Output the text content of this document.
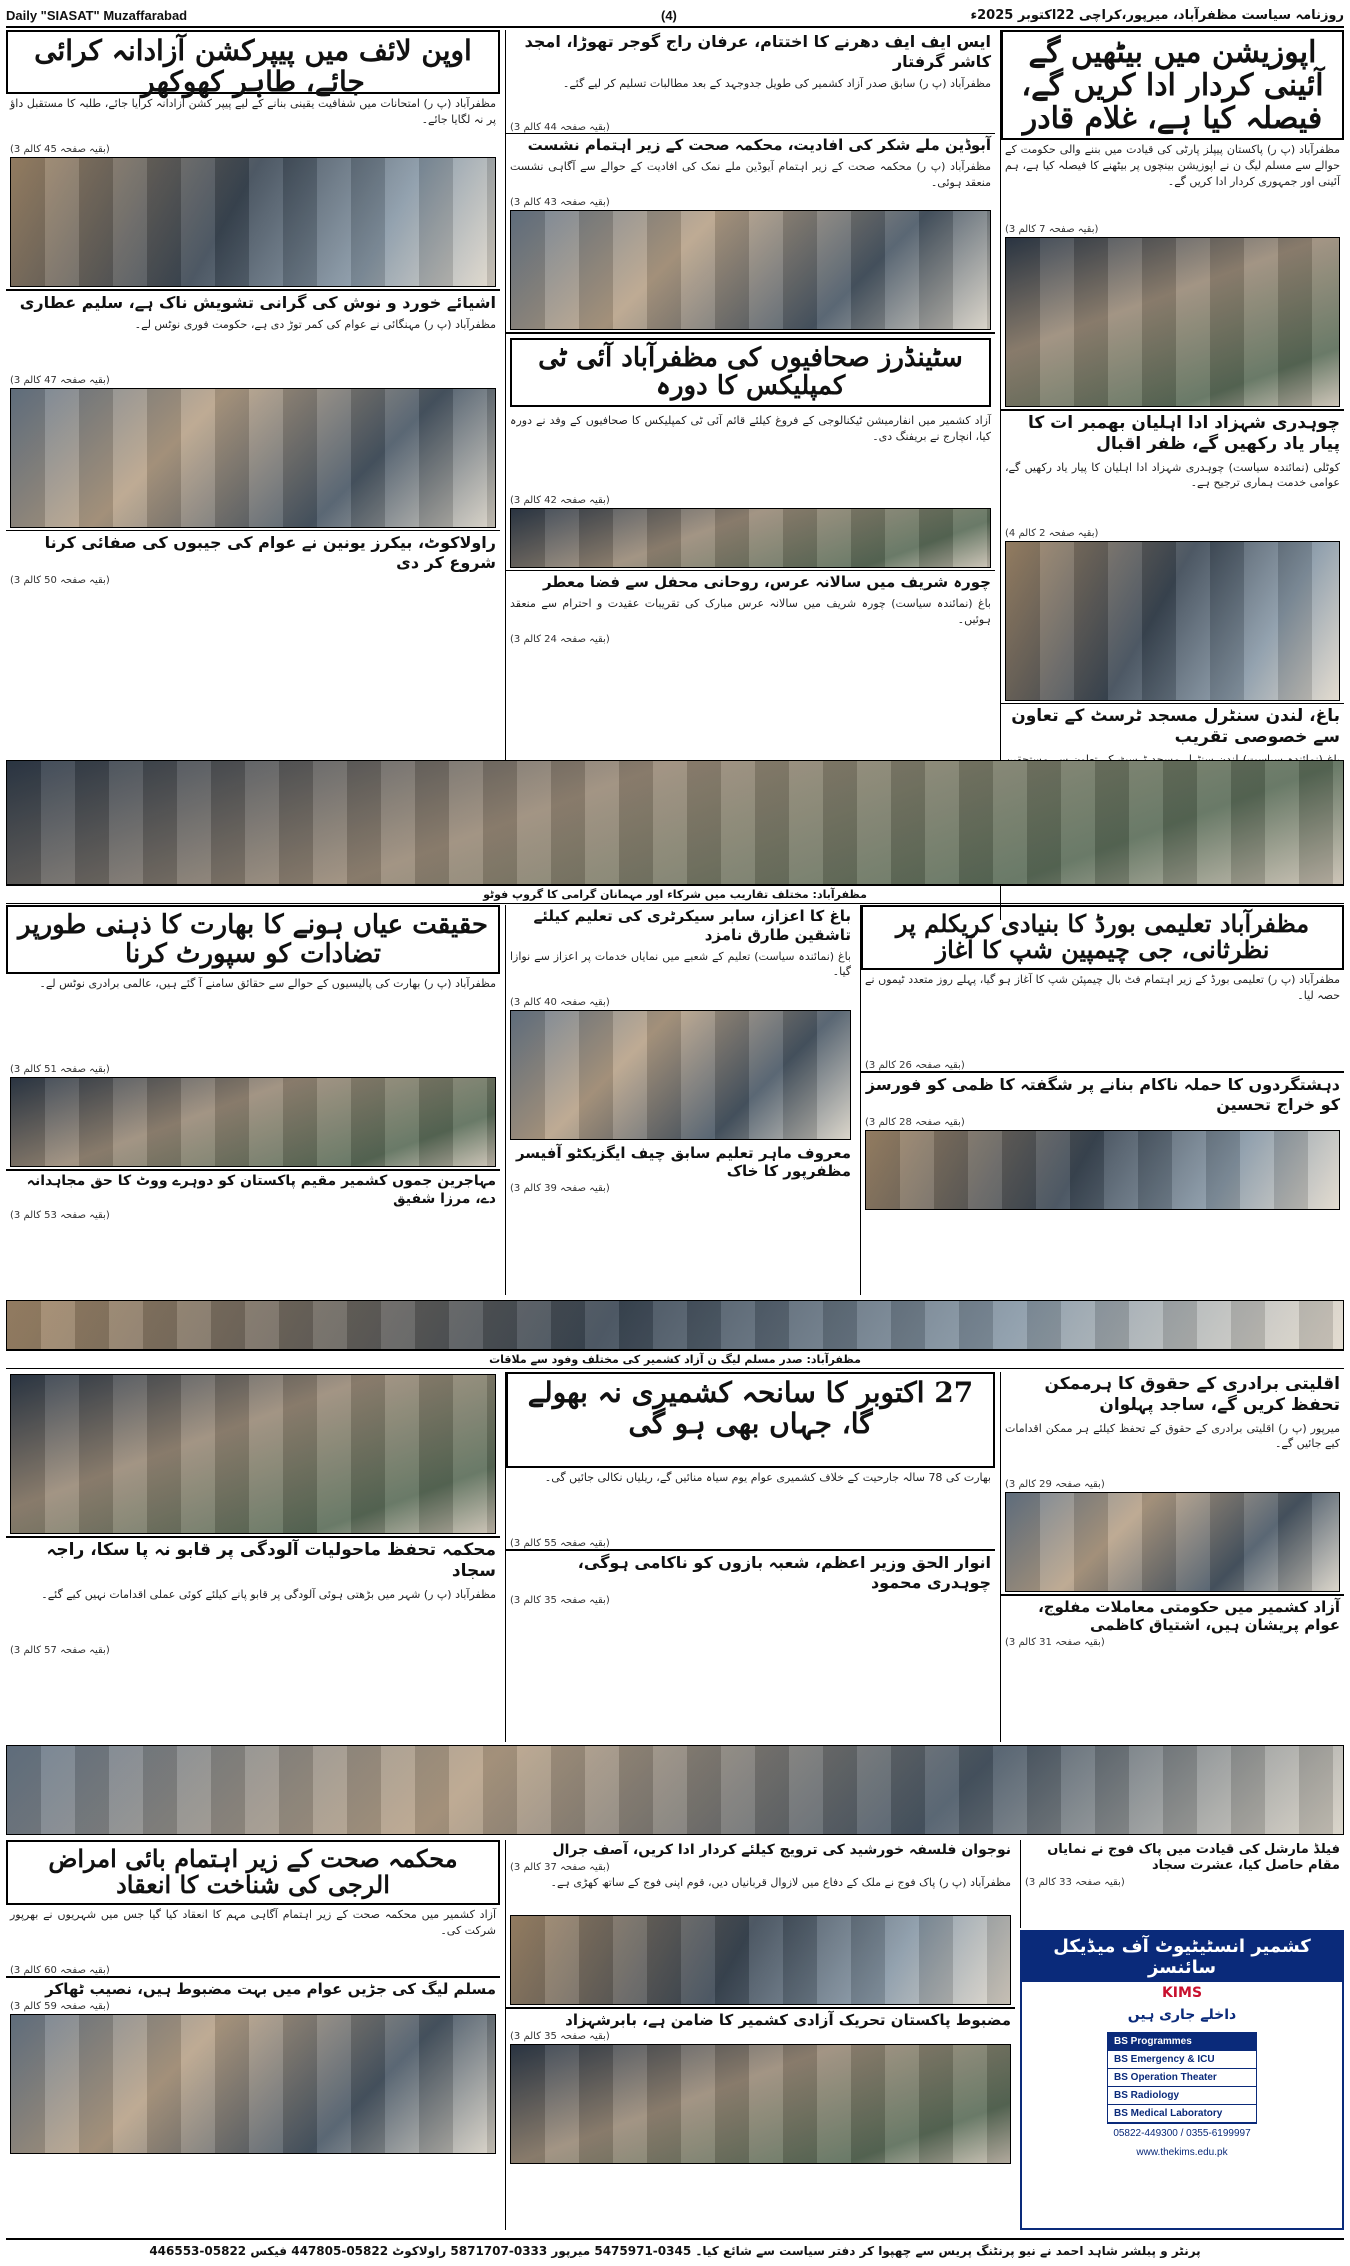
Daily "SIASAT" Muzaffarabad	(4)	روزنامہ سیاست مظفرآباد، میرپور،کراچی 22اکتوبر 2025ء
اپوزیشن میں بیٹھیں گے آئینی کردار ادا کریں گے، فیصلہ کیا ہے، غلام قادر
مظفرآباد (پ ر) پاکستان پیپلز پارٹی کی قیادت میں بننے والی حکومت کے حوالے سے مسلم لیگ ن نے اپوزیشن بینچوں پر بیٹھنے کا فیصلہ کیا ہے، ہم آئینی اور جمہوری کردار ادا کریں گے۔
(بقیہ صفحہ 7 کالم 3)
چوہدری شہزاد ادا اہلیان بھمبر ات کا پیار یاد رکھیں گے، ظفر اقبال
کوٹلی (نمائندہ سیاست) چوہدری شہزاد ادا اہلیان کا پیار یاد رکھیں گے، عوامی خدمت ہماری ترجیح ہے۔
(بقیہ صفحہ 2 کالم 4)
باغ، لندن سنٹرل مسجد ٹرسٹ کے تعاون سے خصوصی تقریب
ایس ایف ایف دھرنے کا اختتام، عرفان راج گوجر تھوڑا، امجد کاشر گرفتار
مظفرآباد (پ ر) سابق صدر آزاد کشمیر کی طویل جدوجہد کے بعد مطالبات تسلیم کر لیے گئے۔
(بقیہ صفحہ 44 کالم 3)
آبوڈین ملے شکر کی افادیت، محکمہ صحت کے زیر اہتمام نشست
مظفرآباد (پ ر) محکمہ صحت کے زیر اہتمام آیوڈین ملے نمک کی افادیت کے حوالے سے آگاہی نشست منعقد ہوئی۔
(بقیہ صفحہ 43 کالم 3)
سٹینڈرز صحافیوں کی مظفرآباد آئی ٹی کمپلیکس کا دورہ
آزاد کشمیر میں انفارمیشن ٹیکنالوجی کے فروغ کیلئے قائم آئی ٹی کمپلیکس کا صحافیوں کے وفد نے دورہ کیا، انچارج نے بریفنگ دی۔
(بقیہ صفحہ 42 کالم 3)
چورہ شریف میں سالانہ عرس، روحانی محفل سے فضا معطر
باغ (نمائندہ سیاست) چورہ شریف میں سالانہ عرس مبارک کی تقریبات عقیدت و احترام سے منعقد ہوئیں۔
(بقیہ صفحہ 24 کالم 3)
اوپن لائف میں پیپرکشن آزادانہ کرائی جائے، طاہر کھوکھر
مظفرآباد (پ ر) امتحانات میں شفافیت یقینی بنانے کے لیے پیپر کشن آزادانہ کرایا جائے، طلبہ کا مستقبل داؤ پر نہ لگایا جائے۔
(بقیہ صفحہ 45 کالم 3)
اشیائے خورد و نوش کی گرانی تشویش ناک ہے، سلیم عطاری
مظفرآباد (پ ر) مہنگائی نے عوام کی کمر توڑ دی ہے، حکومت فوری نوٹس لے۔
(بقیہ صفحہ 47 کالم 3)
راولاکوٹ، بیکرز یونین نے عوام کی جیبوں کی صفائی کرنا شروع کر دی
(بقیہ صفحہ 50 کالم 3)
مظفرآباد: مختلف تقاریب میں شرکاء اور مہمانان گرامی کا گروپ فوٹو
مظفرآباد تعلیمی بورڈ کا بنیادی کریکلم پر نظرثانی، جی چیمپین شپ کا آغاز
مظفرآباد (پ ر) تعلیمی بورڈ کے زیر اہتمام فٹ بال چیمپئن شپ کا آغاز ہو گیا، پہلے روز متعدد ٹیموں نے حصہ لیا۔
(بقیہ صفحہ 26 کالم 3)
دہشتگردوں کا حملہ ناکام بنانے پر شگفتہ کا ظمی کو فورسز کو خراج تحسین
(بقیہ صفحہ 28 کالم 3)
باغ کا اعزاز، سابر سیکرٹری کی تعلیم کیلئے تاشقین طارق نامزد
باغ (نمائندہ سیاست) تعلیم کے شعبے میں نمایاں خدمات پر اعزاز سے نوازا گیا۔
(بقیہ صفحہ 40 کالم 3)
معروف ماہر تعلیم سابق چیف ایگزیکٹو آفیسر مظفرپور کا خاک
(بقیہ صفحہ 39 کالم 3)
حقیقت عیاں ہونے کا بھارت کا ذہنی طورپر تضادات کو سپورٹ کرنا
مظفرآباد (پ ر) بھارت کی پالیسیوں کے حوالے سے حقائق سامنے آ گئے ہیں، عالمی برادری نوٹس لے۔
(بقیہ صفحہ 51 کالم 3)
مہاجرین جموں کشمیر مقیم پاکستان کو دوہرے ووٹ کا حق مجاہدانہ دے، مرزا شفیق
(بقیہ صفحہ 53 کالم 3)
مظفرآباد: صدر مسلم لیگ ن آزاد کشمیر کی مختلف وفود سے ملاقات
اقلیتی برادری کے حقوق کا ہرممکن تحفظ کریں گے، ساجد پہلوان
میرپور (پ ر) اقلیتی برادری کے حقوق کے تحفظ کیلئے ہر ممکن اقدامات کیے جائیں گے۔
(بقیہ صفحہ 29 کالم 3)
آزاد کشمیر میں حکومتی معاملات مفلوج، عوام پریشان ہیں، اشتیاق کاظمی
(بقیہ صفحہ 31 کالم 3)
27 اکتوبر کا سانحہ کشمیری نہ بھولے گا، جہاں بھی ہو گی
بھارت کی 78 سالہ جارحیت کے خلاف کشمیری عوام یوم سیاہ منائیں گے، ریلیاں نکالی جائیں گی۔
(بقیہ صفحہ 55 کالم 3)
انوار الحق وزیر اعظم، شعبہ بازوں کو ناکامی ہوگی، چوہدری محمود
(بقیہ صفحہ 35 کالم 3)
محکمہ تحفظ ماحولیات آلودگی پر قابو نہ پا سکا، راجہ سجاد
مظفرآباد (پ ر) شہر میں بڑھتی ہوئی آلودگی پر قابو پانے کیلئے کوئی عملی اقدامات نہیں کیے گئے۔
(بقیہ صفحہ 57 کالم 3)
فیلڈ مارشل کی قیادت میں پاک فوج نے نمایاں مقام حاصل کیا، عشرت سجاد
(بقیہ صفحہ 33 کالم 3)
نوجوان فلسفہ خورشید کی ترویج کیلئے کردار ادا کریں، آصف جرال
(بقیہ صفحہ 37 کالم 3)
مظفرآباد (پ ر) پاک فوج نے ملک کے دفاع میں لازوال قربانیاں دیں، قوم اپنی فوج کے ساتھ کھڑی ہے۔
مضبوط پاکستان تحریک آزادی کشمیر کا ضامن ہے، بابرشہزاد
(بقیہ صفحہ 35 کالم 3)
محکمہ صحت کے زیر اہتمام بائی امراض الرجی کی شناخت کا انعقاد
آزاد کشمیر میں محکمہ صحت کے زیر اہتمام آگاہی مہم کا انعقاد کیا گیا جس میں شہریوں نے بھرپور شرکت کی۔
(بقیہ صفحہ 60 کالم 3)
مسلم لیگ کی جڑیں عوام میں بہت مضبوط ہیں، نصیب ٹھاکر
(بقیہ صفحہ 59 کالم 3)
کشمیر انسٹیٹیوٹ آف میڈیکل سائنسز
KIMS
داخلے جاری ہیں
BS Programmes
BS Emergency & ICU
BS Operation Theater
BS Radiology
BS Medical Laboratory
05822-449300 / 0355-6199997
www.thekims.edu.pk
پرنٹر و پبلشر شاہد احمد نے نیو پرنٹنگ پریس سے چھپوا کر دفتر سیاست سے شائع کیا۔ 0345-5475971 میرپور 0333-5871707 راولاکوٹ 05822-447805 فیکس 05822-446553
